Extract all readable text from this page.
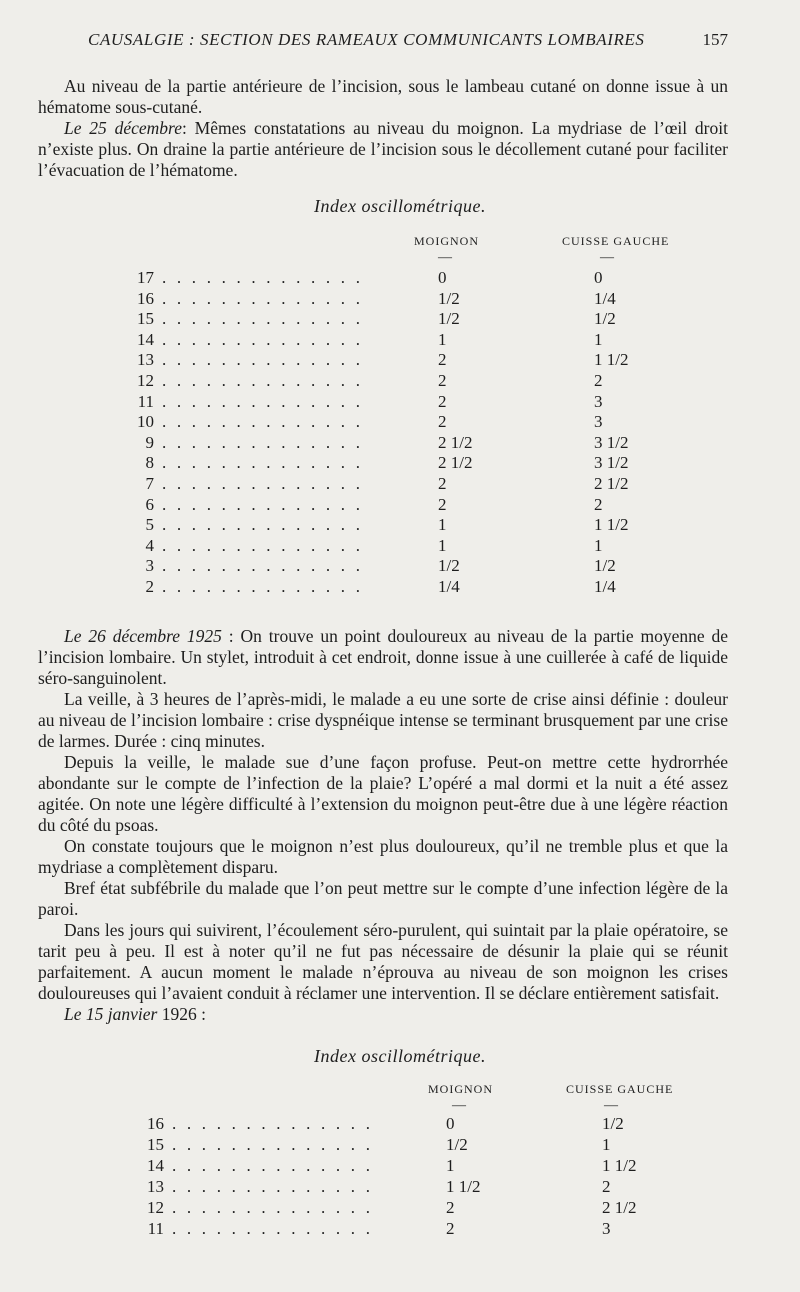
CAUSALGIE : SECTION DES RAMEAUX COMMUNICANTS LOMBAIRES	157

Au niveau de la partie antérieure de l’incision, sous le lambeau cutané on donne issue à un hématome sous-cutané.

Le 25 décembre: Mêmes constatations au niveau du moignon. La mydriase de l’œil droit n’existe plus. On draine la partie antérieure de l’incision sous le décollement cutané pour faciliter l’évacuation de l’hématome.

Index oscillométrique.
MOIGNON	CUISSE GAUCHE
—	—
17 . . . . . . . . . . . . . .	0	0
16 . . . . . . . . . . . . . .	1/2	1/4
15 . . . . . . . . . . . . . .	1/2	1/2
14 . . . . . . . . . . . . . .	1	1
13 . . . . . . . . . . . . . .	2	1 1/2
12 . . . . . . . . . . . . . .	2	2
11 . . . . . . . . . . . . . .	2	3
10 . . . . . . . . . . . . . .	2	3
9 . . . . . . . . . . . . . .	2 1/2	3 1/2
8 . . . . . . . . . . . . . .	2 1/2	3 1/2
7 . . . . . . . . . . . . . .	2	2 1/2
6 . . . . . . . . . . . . . .	2	2
5 . . . . . . . . . . . . . .	1	1 1/2
4 . . . . . . . . . . . . . .	1	1
3 . . . . . . . . . . . . . .	1/2	1/2
2 . . . . . . . . . . . . . .	1/4	1/4

Le 26 décembre 1925 : On trouve un point douloureux au niveau de la partie moyenne de l’incision lombaire. Un stylet, introduit à cet endroit, donne issue à une cuillerée à café de liquide séro-sanguinolent.

La veille, à 3 heures de l’après-midi, le malade a eu une sorte de crise ainsi définie : douleur au niveau de l’incision lombaire : crise dyspnéique intense se terminant brusquement par une crise de larmes. Durée : cinq minutes.

Depuis la veille, le malade sue d’une façon profuse. Peut-on mettre cette hydrorrhée abondante sur le compte de l’infection de la plaie? L’opéré a mal dormi et la nuit a été assez agitée. On note une légère difficulté à l’extension du moignon peut-être due à une légère réaction du côté du psoas.

On constate toujours que le moignon n’est plus douloureux, qu’il ne tremble plus et que la mydriase a complètement disparu.

Bref état subfébrile du malade que l’on peut mettre sur le compte d’une infection légère de la paroi.

Dans les jours qui suivirent, l’écoulement séro-purulent, qui suintait par la plaie opératoire, se tarit peu à peu. Il est à noter qu’il ne fut pas nécessaire de désunir la plaie qui se réunit parfaitement. A aucun moment le malade n’éprouva au niveau de son moignon les crises douloureuses qui l’avaient conduit à réclamer une intervention. Il se déclare entièrement satisfait.

Le 15 janvier 1926 :

Index oscillométrique.
MOIGNON	CUISSE GAUCHE
—	—
16 . . . . . . . . . . . . . .	0	1/2
15 . . . . . . . . . . . . . .	1/2	1
14 . . . . . . . . . . . . . .	1	1 1/2
13 . . . . . . . . . . . . . .	1 1/2	2
12 . . . . . . . . . . . . . .	2	2 1/2
11 . . . . . . . . . . . . . .	2	3
